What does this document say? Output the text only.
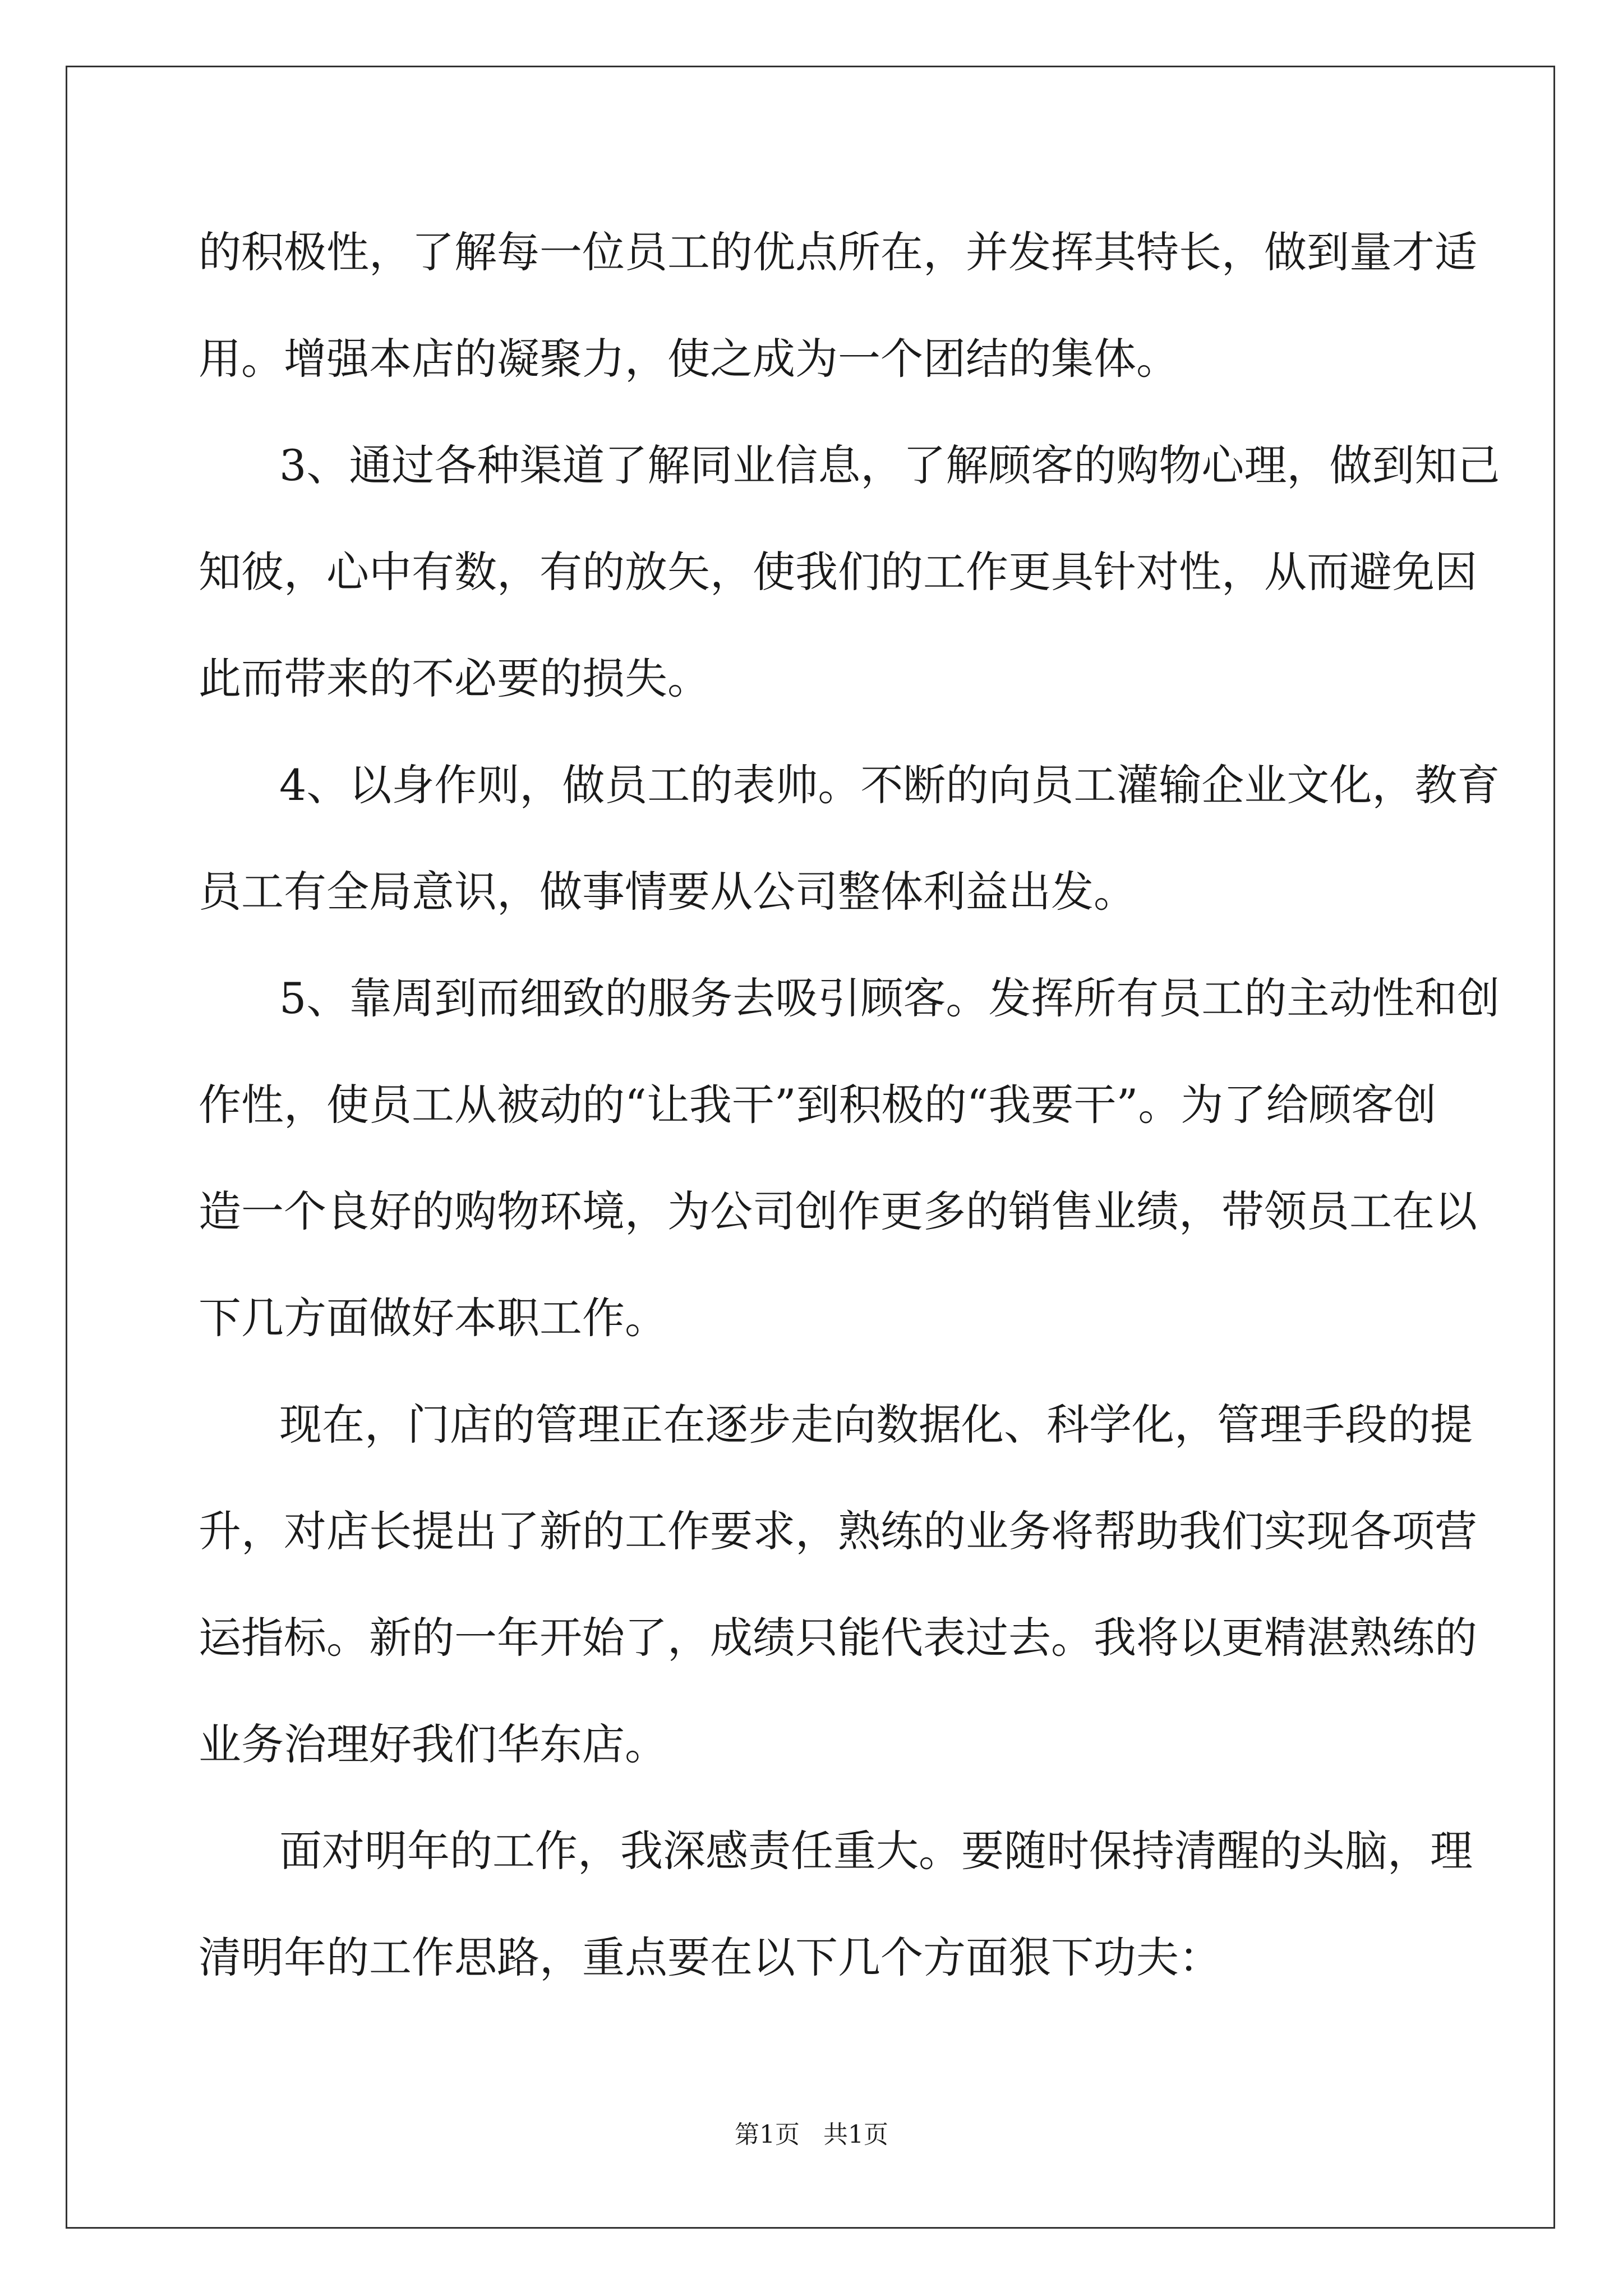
的积极性，了解每一位员工的优点所在，并发挥其特长，做到量才适
用。增强本店的凝聚力，使之成为一个团结的集体。
3、通过各种渠道了解同业信息，了解顾客的购物心理，做到知己
知彼，心中有数，有的放矢，使我们的工作更具针对性，从而避免因
此而带来的不必要的损失。
4、以身作则，做员工的表帅。不断的向员工灌输企业文化，教育
员工有全局意识，做事情要从公司整体利益出发。
5、靠周到而细致的服务去吸引顾客。发挥所有员工的主动性和创
作性，使员工从被动的“让我干”到积极的“我要干”。为了给顾客创
造一个良好的购物环境，为公司创作更多的销售业绩，带领员工在以
下几方面做好本职工作。
现在，门店的管理正在逐步走向数据化、科学化，管理手段的提
升，对店长提出了新的工作要求，熟练的业务将帮助我们实现各项营
运指标。新的一年开始了，成绩只能代表过去。我将以更精湛熟练的
业务治理好我们华东店。
面对明年的工作，我深感责任重大。要随时保持清醒的头脑，理
清明年的工作思路，重点要在以下几个方面狠下功夫：
第1页   共1页
